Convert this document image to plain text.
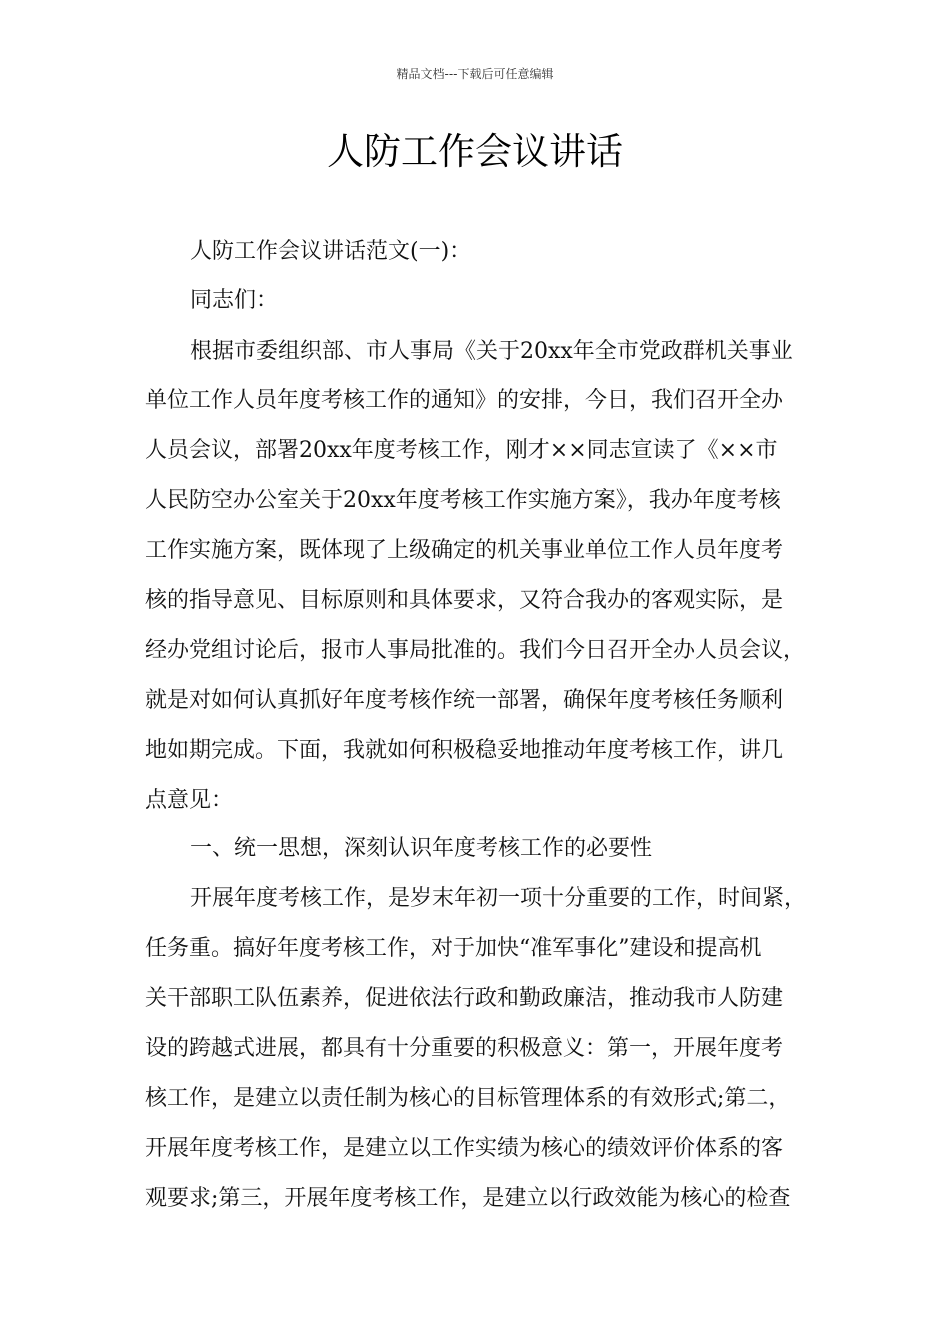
精品文档---下载后可任意编辑
人防工作会议讲话
人防工作会议讲话范文(一)：
同志们：
根据市委组织部、市人事局《关于20xx年全市党政群机关事业
单位工作人员年度考核工作的通知》的安排，今日，我们召开全办
人员会议，部署20xx年度考核工作，刚才××同志宣读了《××市
人民防空办公室关于20xx年度考核工作实施方案》，我办年度考核
工作实施方案，既体现了上级确定的机关事业单位工作人员年度考
核的指导意见、目标原则和具体要求，又符合我办的客观实际，是
经办党组讨论后，报市人事局批准的。我们今日召开全办人员会议，
就是对如何认真抓好年度考核作统一部署，确保年度考核任务顺利
地如期完成。下面，我就如何积极稳妥地推动年度考核工作，讲几
点意见：
一、统一思想，深刻认识年度考核工作的必要性
开展年度考核工作，是岁末年初一项十分重要的工作，时间紧，
任务重。搞好年度考核工作，对于加快“准军事化”建设和提高机
关干部职工队伍素养，促进依法行政和勤政廉洁，推动我市人防建
设的跨越式进展，都具有十分重要的积极意义：第一，开展年度考
核工作，是建立以责任制为核心的目标管理体系的有效形式;第二，
开展年度考核工作，是建立以工作实绩为核心的绩效评价体系的客
观要求;第三，开展年度考核工作，是建立以行政效能为核心的检查
